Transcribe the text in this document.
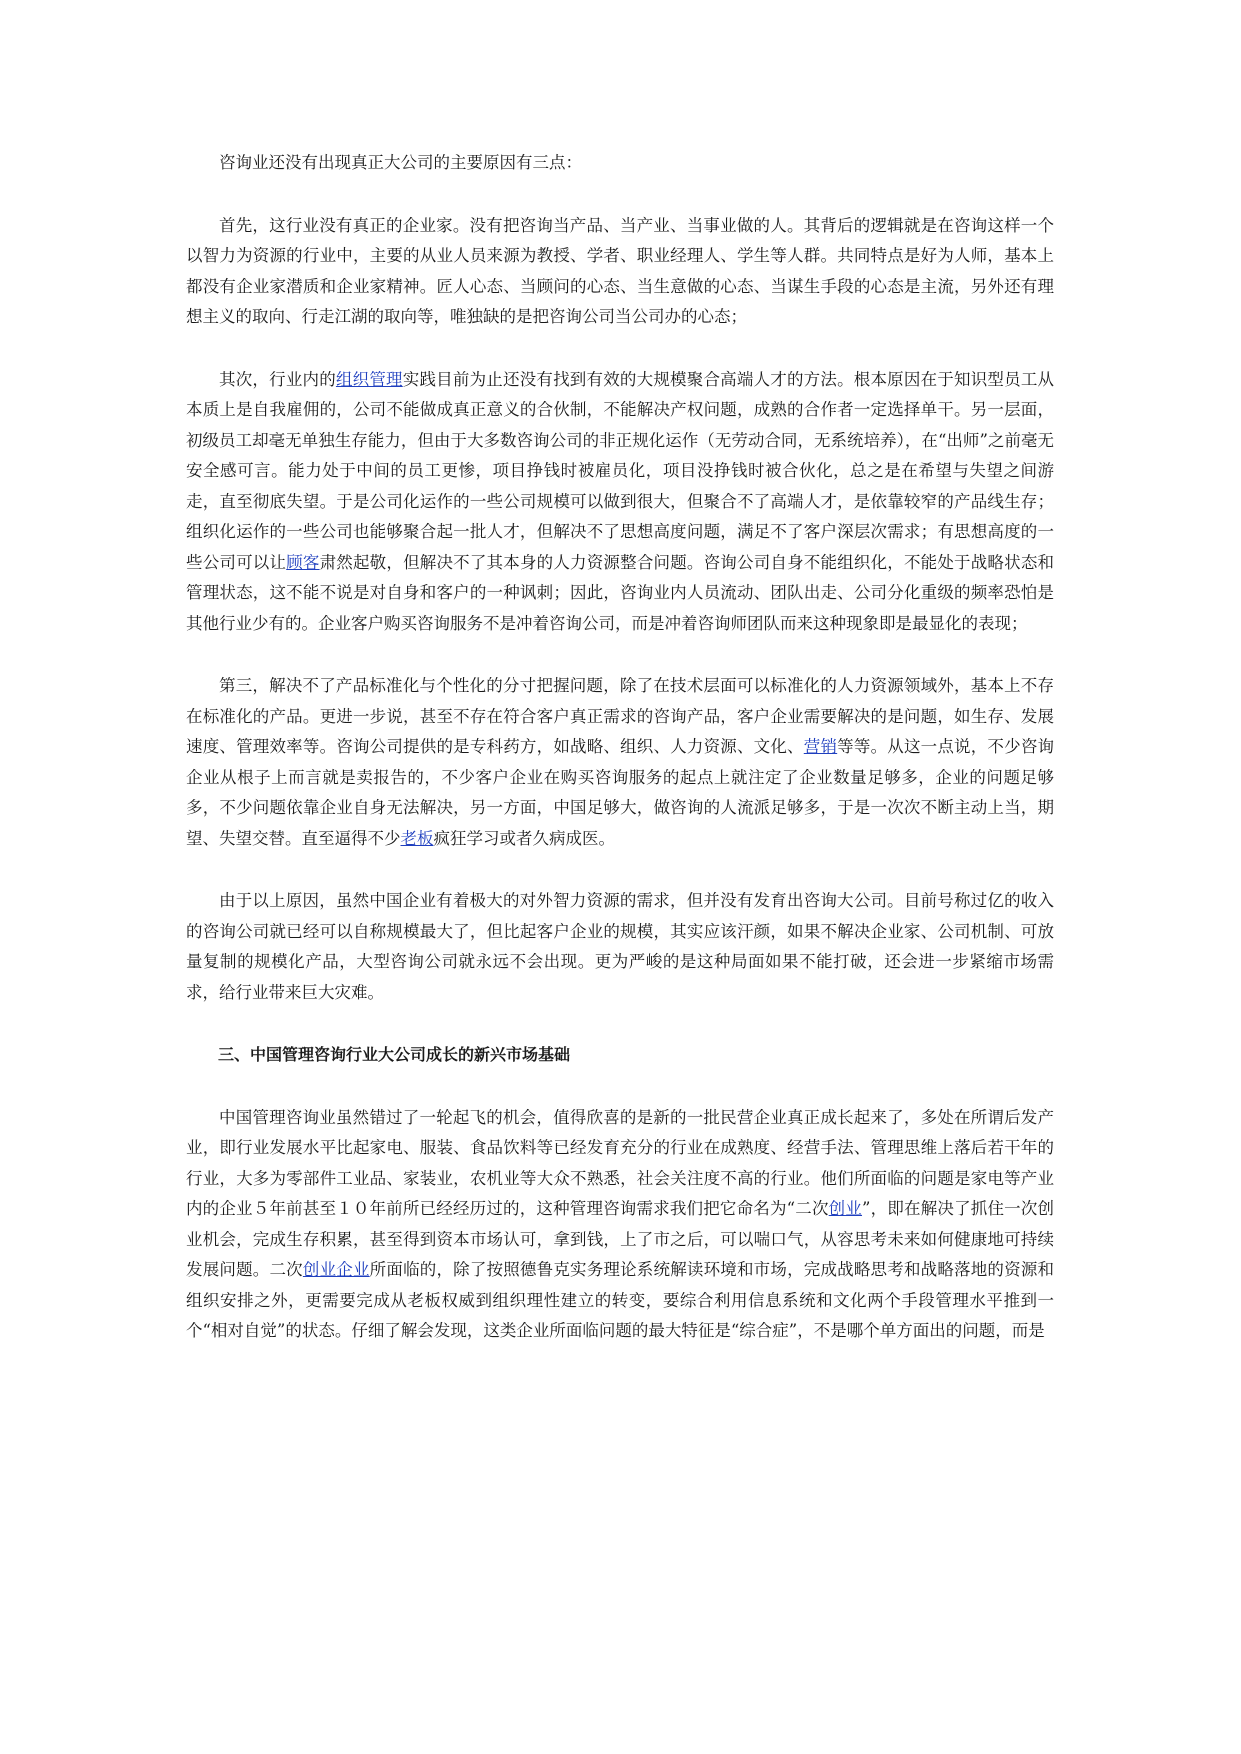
咨询业还没有出现真正大公司的主要原因有三点：

首先，这行业没有真正的企业家。没有把咨询当产品、当产业、当事业做的人。其背后的逻辑就是在咨询这样一个以智力为资源的行业中，主要的从业人员来源为教授、学者、职业经理人、学生等人群。共同特点是好为人师，基本上都没有企业家潜质和企业家精神。匠人心态、当顾问的心态、当生意做的心态、当谋生手段的心态是主流，另外还有理想主义的取向、行走江湖的取向等，唯独缺的是把咨询公司当公司办的心态；

其次，行业内的组织管理实践目前为止还没有找到有效的大规模聚合高端人才的方法。根本原因在于知识型员工从本质上是自我雇佣的，公司不能做成真正意义的合伙制，不能解决产权问题，成熟的合作者一定选择单干。另一层面，初级员工却毫无单独生存能力，但由于大多数咨询公司的非正规化运作（无劳动合同，无系统培养），在“出师”之前毫无安全感可言。能力处于中间的员工更惨，项目挣钱时被雇员化，项目没挣钱时被合伙化，总之是在希望与失望之间游走，直至彻底失望。于是公司化运作的一些公司规模可以做到很大，但聚合不了高端人才，是依靠较窄的产品线生存；组织化运作的一些公司也能够聚合起一批人才，但解决不了思想高度问题，满足不了客户深层次需求；有思想高度的一些公司可以让顾客肃然起敬，但解决不了其本身的人力资源整合问题。咨询公司自身不能组织化，不能处于战略状态和管理状态，这不能不说是对自身和客户的一种讽刺；因此，咨询业内人员流动、团队出走、公司分化重级的频率恐怕是其他行业少有的。企业客户购买咨询服务不是冲着咨询公司，而是冲着咨询师团队而来这种现象即是最显化的表现；

第三，解决不了产品标准化与个性化的分寸把握问题，除了在技术层面可以标准化的人力资源领域外，基本上不存在标准化的产品。更进一步说，甚至不存在符合客户真正需求的咨询产品，客户企业需要解决的是问题，如生存、发展速度、管理效率等。咨询公司提供的是专科药方，如战略、组织、人力资源、文化、营销等等。从这一点说，不少咨询企业从根子上而言就是卖报告的，不少客户企业在购买咨询服务的起点上就注定了企业数量足够多，企业的问题足够多，不少问题依靠企业自身无法解决，另一方面，中国足够大，做咨询的人流派足够多，于是一次次不断主动上当，期望、失望交替。直至逼得不少老板疯狂学习或者久病成医。

由于以上原因，虽然中国企业有着极大的对外智力资源的需求，但并没有发育出咨询大公司。目前号称过亿的收入的咨询公司就已经可以自称规模最大了，但比起客户企业的规模，其实应该汗颜，如果不解决企业家、公司机制、可放量复制的规模化产品，大型咨询公司就永远不会出现。更为严峻的是这种局面如果不能打破，还会进一步紧缩市场需求，给行业带来巨大灾难。

三、中国管理咨询行业大公司成长的新兴市场基础

中国管理咨询业虽然错过了一轮起飞的机会，值得欣喜的是新的一批民营企业真正成长起来了，多处在所谓后发产业，即行业发展水平比起家电、服装、食品饮料等已经发育充分的行业在成熟度、经营手法、管理思维上落后若干年的行业，大多为零部件工业品、家装业，农机业等大众不熟悉，社会关注度不高的行业。他们所面临的问题是家电等产业内的企业５年前甚至１０年前所已经经历过的，这种管理咨询需求我们把它命名为“二次创业”，即在解决了抓住一次创业机会，完成生存积累，甚至得到资本市场认可，拿到钱，上了市之后，可以喘口气，从容思考未来如何健康地可持续发展问题。二次创业企业所面临的，除了按照德鲁克实务理论系统解读环境和市场，完成战略思考和战略落地的资源和组织安排之外，更需要完成从老板权威到组织理性建立的转变，要综合利用信息系统和文化两个手段管理水平推到一个“相对自觉”的状态。仔细了解会发现，这类企业所面临问题的最大特征是“综合症”，不是哪个单方面出的问题，而是
